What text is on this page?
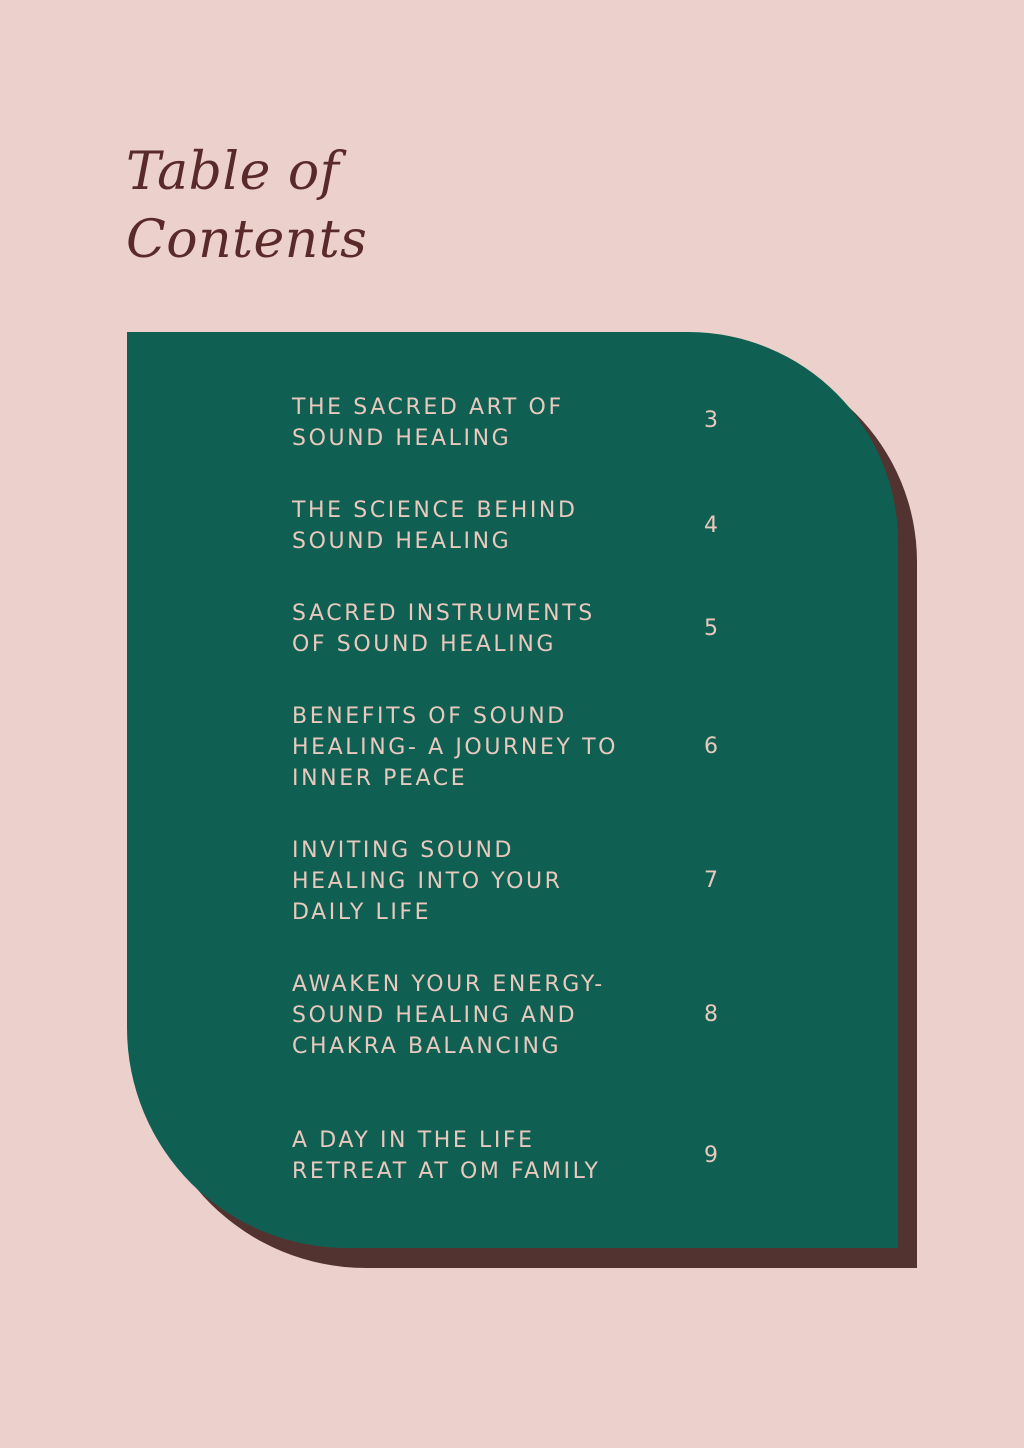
Table of
Contents
THE SACRED ART OF
SOUND HEALING
3
THE SCIENCE BEHIND
SOUND HEALING
4
SACRED INSTRUMENTS
OF SOUND HEALING
5
BENEFITS OF SOUND
HEALING- A JOURNEY TO
INNER PEACE
6
INVITING SOUND
HEALING INTO YOUR
DAILY LIFE
7
AWAKEN YOUR ENERGY-
SOUND HEALING AND
CHAKRA BALANCING
8
A DAY IN THE LIFE
RETREAT AT OM FAMILY
9
